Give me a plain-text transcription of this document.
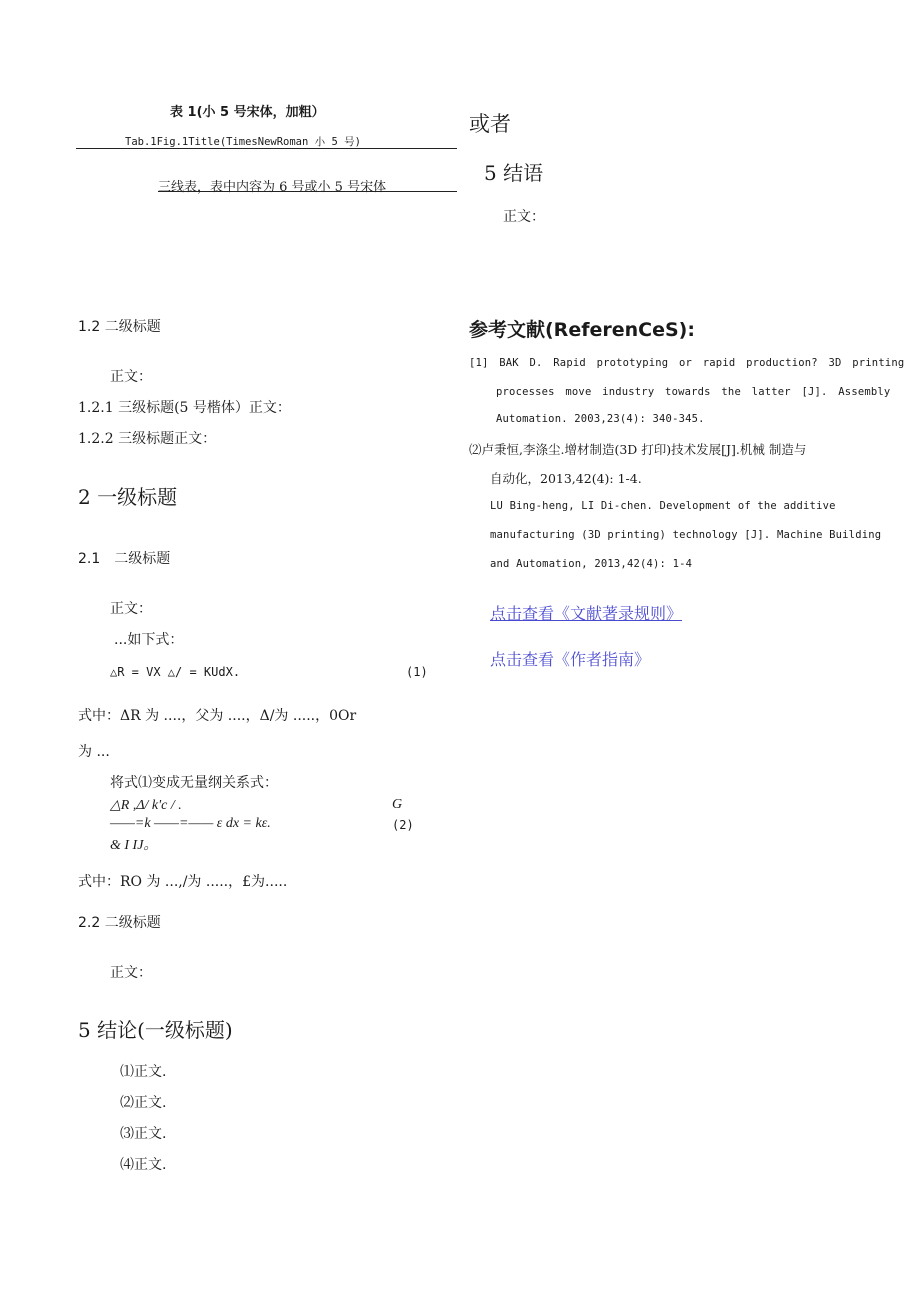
表 1(小 5 号宋体，加粗）
Tab.1Fig.1Title(TimesNewRoman 小 5 号)
三线表，表中内容为 6 号或小 5 号宋体
1.2 二级标题
正文：
1.2.1 三级标题(5 号楷体）正文：
1.2.2 三级标题正文：
2 一级标题
2.1　二级标题
正文：
...如下式：
△R = VX △/ = KUdX.	(1)
式中：ΔR 为 ....，父为 ....，Δ/为 .....，0Or
为 ...
将式⑴变成无量纲关系式：
△R ,Δ/ k'c / .	G
——=k ——=—— ε dx = kε.	(2)
& I IJ。
式中：RO 为 ...,/为 .....，£为.....
2.2 二级标题
正文：
5 结论(一级标题)
⑴正文.
⑵正文.
⑶正文.
⑷正文.
或者
5 结语
正文：
参考文献(ReferenCeS):
[1]　BAK　D.　Rapid　prototyping　or　rapid　production?　3D　printing
processes　move　industry　towards　the　latter　[J].　Assembly
Automation. 2003,23(4): 340-345.
⑵卢秉恒,李涤尘.增材制造(3D 打印)技术发展[J].机械 制造与
自动化，2013,42(4): 1-4.
LU Bing-heng, LI Di-chen. Development of the additive
manufacturing (3D printing) technology [J]. Machine Building
and Automation, 2013,42(4): 1-4
点击查看《文献著录规则》
点击查看《作者指南》
